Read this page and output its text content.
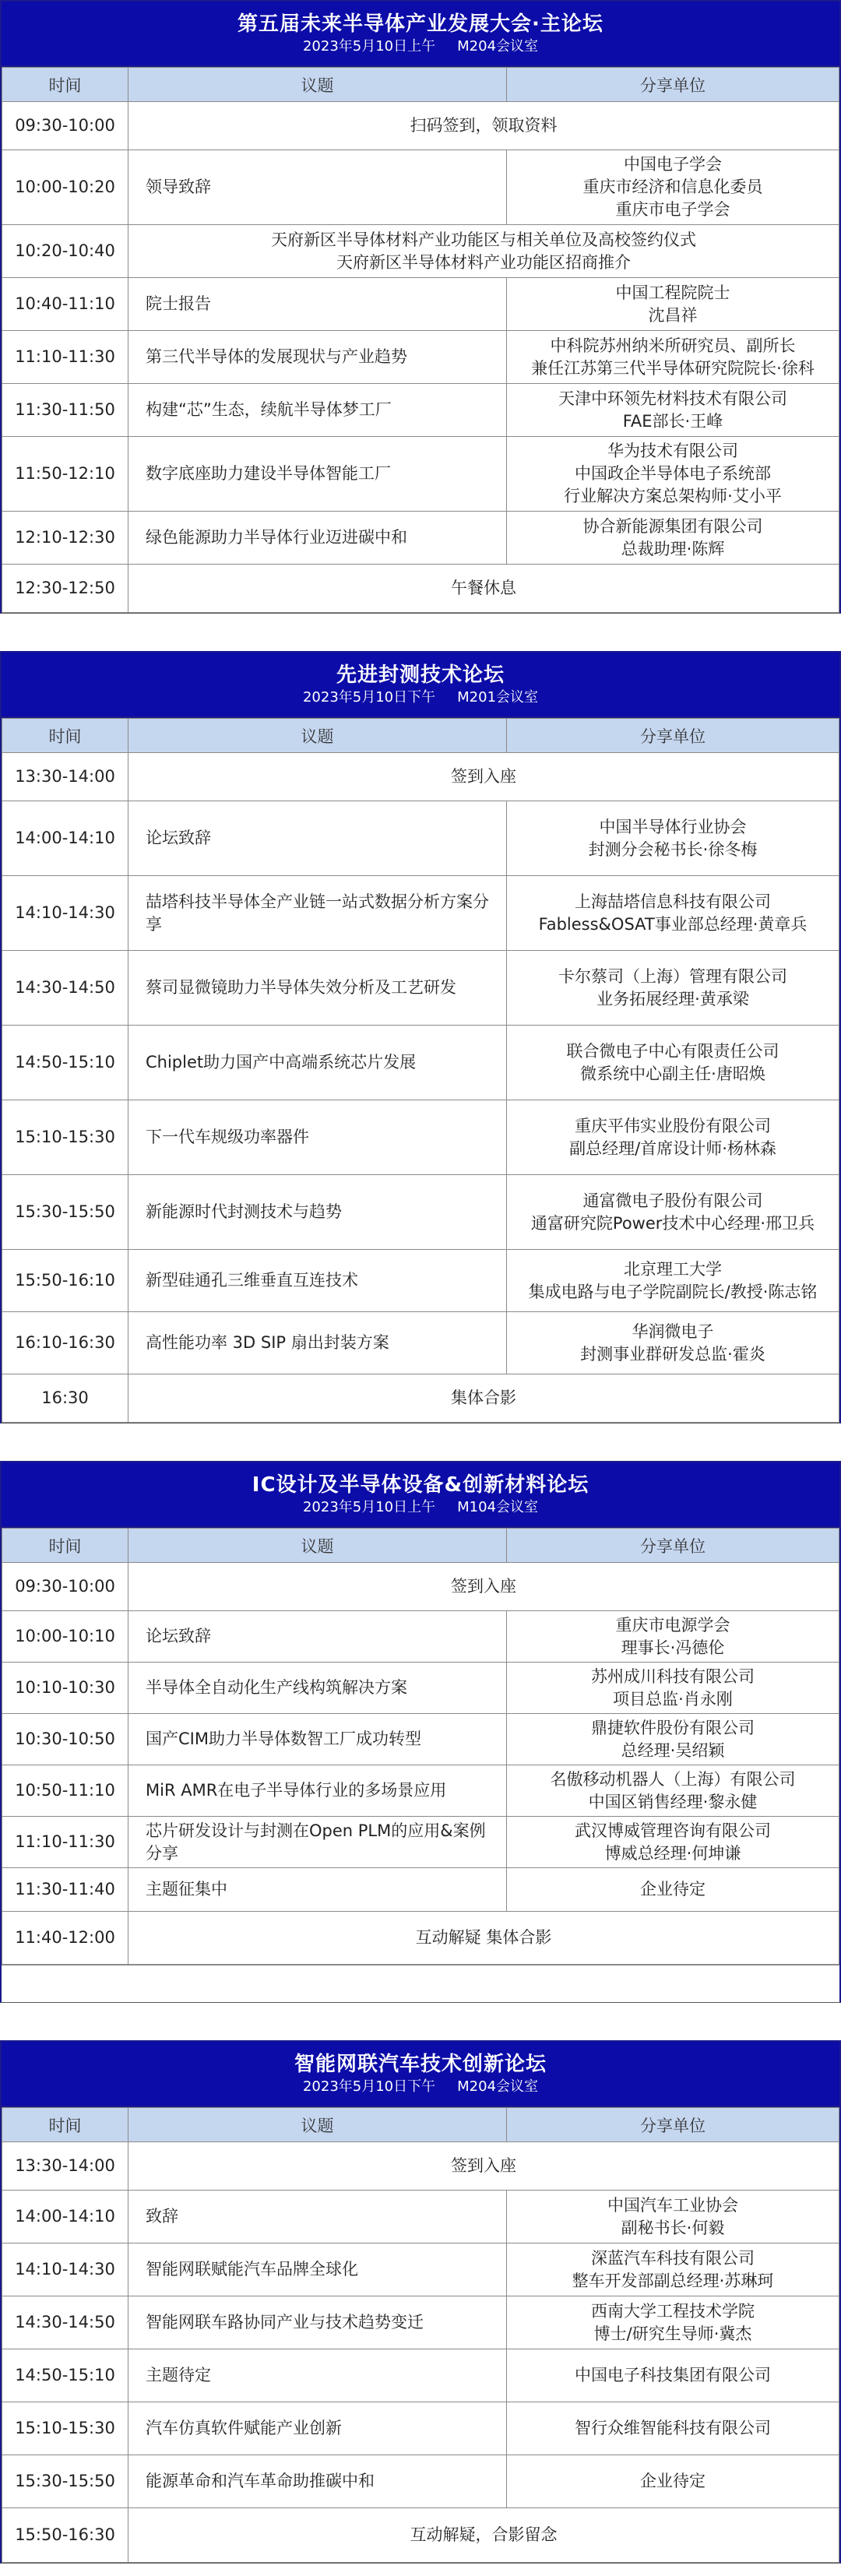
第五届未来半导体产业发展大会·主论坛
2023年5月10日上午 M204会议室
时间	议题	分享单位
09:30-10:00	扫码签到，领取资料	

10:00-10:20	领导致辞	中国电子学会
重庆市经济和信息化委员
重庆市电子学会

10:20-10:40	天府新区半导体材料产业功能区与相关单位及高校签约仪式
天府新区半导体材料产业功能区招商推介	

10:40-11:10	院士报告	中国工程院院士
沈昌祥

11:10-11:30	第三代半导体的发展现状与产业趋势	中科院苏州纳米所研究员、副所长
兼任江苏第三代半导体研究院院长·徐科

11:30-11:50	构建“芯”生态，续航半导体梦工厂	天津中环领先材料技术有限公司
FAE部长·王峰

11:50-12:10	数字底座助力建设半导体智能工厂	华为技术有限公司
中国政企半导体电子系统部
行业解决方案总架构师·艾小平

12:10-12:30	绿色能源助力半导体行业迈进碳中和	协合新能源集团有限公司
总裁助理·陈辉

12:30-12:50	午餐休息	
先进封测技术论坛
2023年5月10日下午 M201会议室
时间	议题	分享单位
13:30-14:00	签到入座	

14:00-14:10	论坛致辞	中国半导体行业协会
封测分会秘书长·徐冬梅

14:10-14:30	喆塔科技半导体全产业链一站式数据分析方案分享	上海喆塔信息科技有限公司
Fabless&OSAT事业部总经理·黄章兵

14:30-14:50	蔡司显微镜助力半导体失效分析及工艺研发	卡尔蔡司（上海）管理有限公司
业务拓展经理·黄承梁

14:50-15:10	Chiplet助力国产中高端系统芯片发展	联合微电子中心有限责任公司
微系统中心副主任·唐昭焕

15:10-15:30	下一代车规级功率器件	重庆平伟实业股份有限公司
副总经理/首席设计师·杨林森

15:30-15:50	新能源时代封测技术与趋势	通富微电子股份有限公司
通富研究院Power技术中心经理·邢卫兵

15:50-16:10	新型硅通孔三维垂直互连技术	北京理工大学
集成电路与电子学院副院长/教授·陈志铭

16:10-16:30	高性能功率 3D SIP 扇出封装方案	华润微电子
封测事业群研发总监·霍炎

16:30	集体合影	
IC设计及半导体设备&创新材料论坛
2023年5月10日上午 M104会议室
时间	议题	分享单位
09:30-10:00	签到入座	

10:00-10:10	论坛致辞	重庆市电源学会
理事长·冯德伦

10:10-10:30	半导体全自动化生产线构筑解决方案	苏州成川科技有限公司
项目总监·肖永刚

10:30-10:50	国产CIM助力半导体数智工厂成功转型	鼎捷软件股份有限公司
总经理·吴绍颖

10:50-11:10	MiR AMR在电子半导体行业的多场景应用	名傲移动机器人（上海）有限公司
中国区销售经理·黎永健

11:10-11:30	芯片研发设计与封测在Open PLM的应用&案例分享	武汉博威管理咨询有限公司
博威总经理·何坤谦

11:30-11:40	主题征集中	企业待定

11:40-12:00	互动解疑 集体合影	
智能网联汽车技术创新论坛
2023年5月10日下午 M204会议室
时间	议题	分享单位
13:30-14:00	签到入座	

14:00-14:10	致辞	中国汽车工业协会
副秘书长·何毅

14:10-14:30	智能网联赋能汽车品牌全球化	深蓝汽车科技有限公司
整车开发部副总经理·苏琳珂

14:30-14:50	智能网联车路协同产业与技术趋势变迁	西南大学工程技术学院
博士/研究生导师·冀杰

14:50-15:10	主题待定	中国电子科技集团有限公司

15:10-15:30	汽车仿真软件赋能产业创新	智行众维智能科技有限公司

15:30-15:50	能源革命和汽车革命助推碳中和	企业待定

15:50-16:30	互动解疑，合影留念	
